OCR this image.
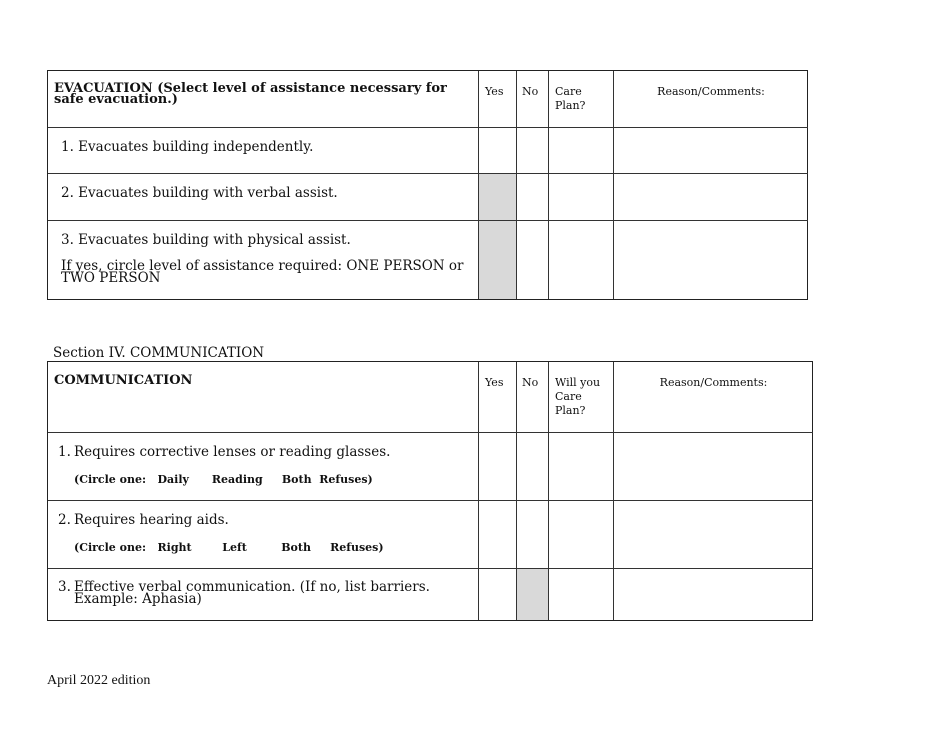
EVACUATION (Select level of assistance necessary for safe evacuation.)
Yes No Care Plan?
Reason/Comments:
1. Evacuates building independently.
2. Evacuates building with verbal assist.
3. Evacuates building with physical assist.
If yes, circle level of assistance required: ONE PERSON or TWO PERSON
Section IV. COMMUNICATION
COMMUNICATION	Yes No Will you Care Plan?
Reason/Comments:
1. Requires corrective lenses or reading glasses.
(Circle one:   Daily      Reading     Both  Refuses)
2. Requires hearing aids.
(Circle one:   Right        Left         Both     Refuses)
3. Effective verbal communication. (If no, list barriers. Example: Aphasia)
April 2022 edition
